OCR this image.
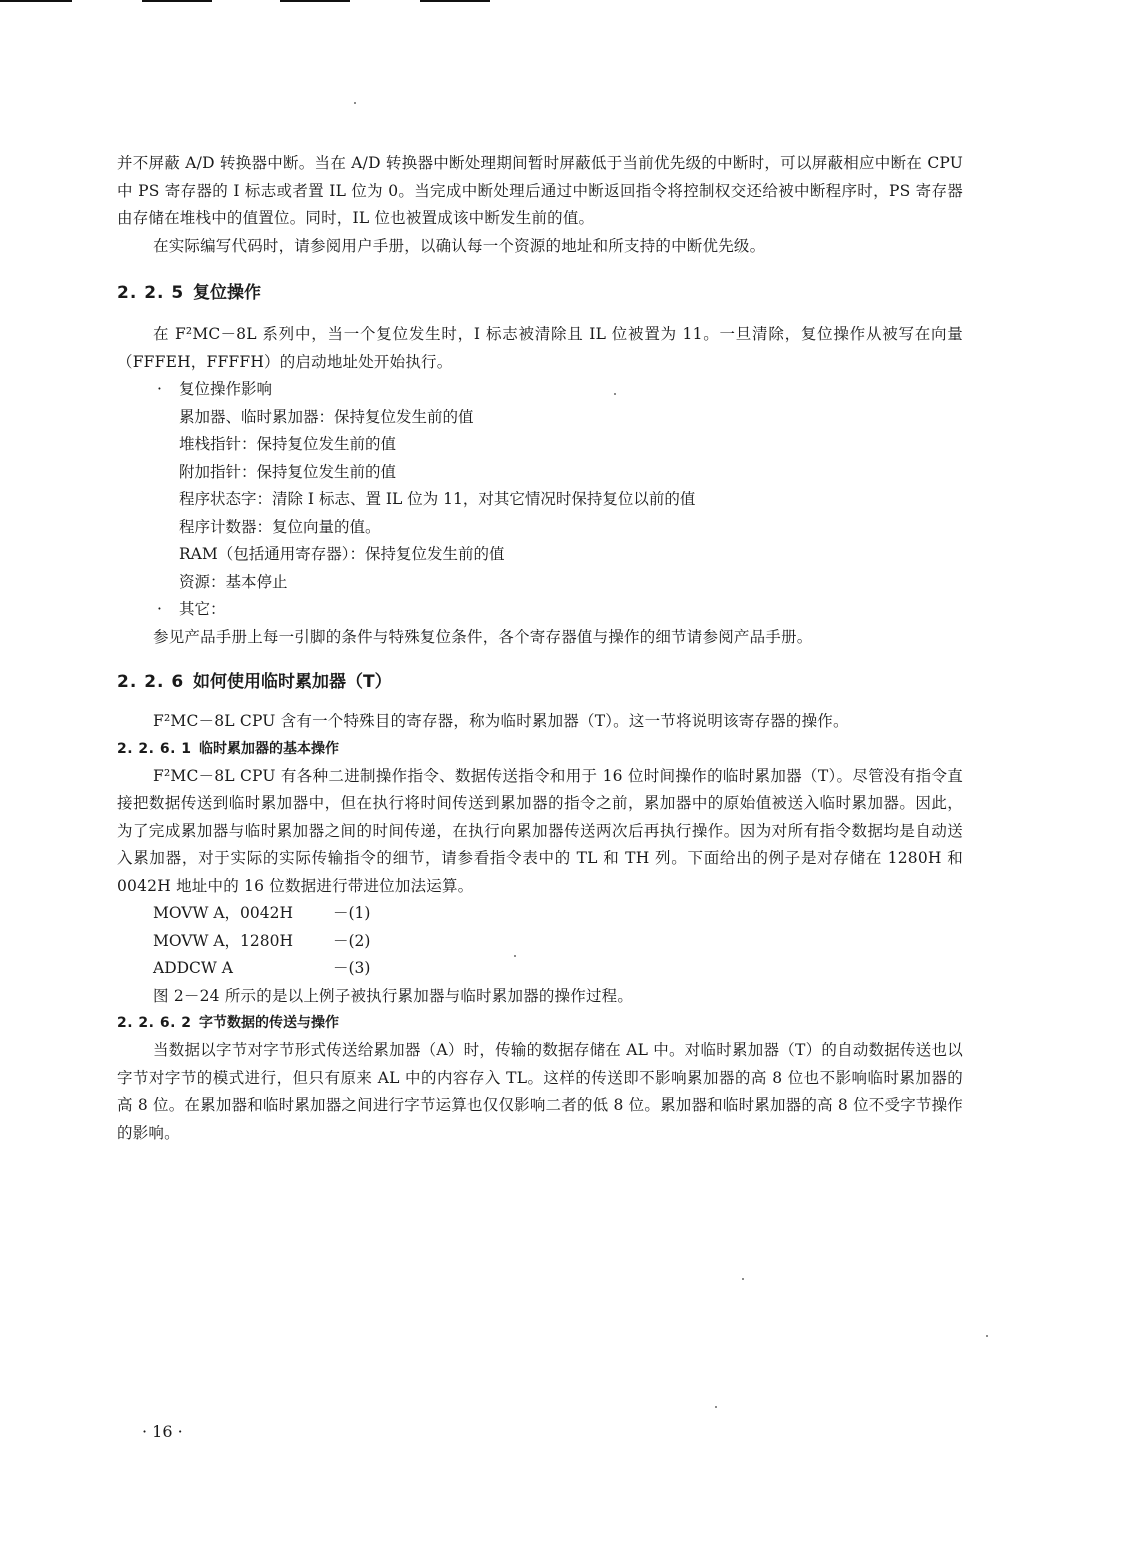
并不屏蔽 A/D 转换器中断。当在 A/D 转换器中断处理期间暂时屏蔽低于当前优先级的中断时，可以屏蔽相应中断在 CPU 中 PS 寄存器的 I 标志或者置 IL 位为 0。当完成中断处理后通过中断返回指令将控制权交还给被中断程序时，PS 寄存器由存储在堆栈中的值置位。同时，IL 位也被置成该中断发生前的值。

在实际编写代码时，请参阅用户手册，以确认每一个资源的地址和所支持的中断优先级。

2. 2. 5 复位操作

在 F²MC－8L 系列中，当一个复位发生时，I 标志被清除且 IL 位被置为 11。一旦清除，复位操作从被写在向量（FFFEH，FFFFH）的启动地址处开始执行。

· 复位操作影响
累加器、临时累加器：保持复位发生前的值
堆栈指针：保持复位发生前的值
附加指针：保持复位发生前的值
程序状态字：清除 I 标志、置 IL 位为 11，对其它情况时保持复位以前的值
程序计数器：复位向量的值。
RAM（包括通用寄存器）：保持复位发生前的值
资源：基本停止
· 其它：

参见产品手册上每一引脚的条件与特殊复位条件，各个寄存器值与操作的细节请参阅产品手册。

2. 2. 6 如何使用临时累加器（T）

F²MC－8L CPU 含有一个特殊目的寄存器，称为临时累加器（T）。这一节将说明该寄存器的操作。

2. 2. 6. 1 临时累加器的基本操作

F²MC－8L CPU 有各种二进制操作指令、数据传送指令和用于 16 位时间操作的临时累加器（T）。尽管没有指令直接把数据传送到临时累加器中，但在执行将时间传送到累加器的指令之前，累加器中的原始值被送入临时累加器。因此，为了完成累加器与临时累加器之间的时间传递，在执行向累加器传送两次后再执行操作。因为对所有指令数据均是自动送入累加器，对于实际的实际传输指令的细节，请参看指令表中的 TL 和 TH 列。下面给出的例子是对存储在 1280H 和 0042H 地址中的 16 位数据进行带进位加法运算。

MOVW A，0042H	－(1)
MOVW A，1280H	－(2)
ADDCW A	－(3)

图 2－24 所示的是以上例子被执行累加器与临时累加器的操作过程。

2. 2. 6. 2 字节数据的传送与操作

当数据以字节对字节形式传送给累加器（A）时，传输的数据存储在 AL 中。对临时累加器（T）的自动数据传送也以字节对字节的模式进行，但只有原来 AL 中的内容存入 TL。这样的传送即不影响累加器的高 8 位也不影响临时累加器的高 8 位。在累加器和临时累加器之间进行字节运算也仅仅影响二者的低 8 位。累加器和临时累加器的高 8 位不受字节操作的影响。

· 16 ·
